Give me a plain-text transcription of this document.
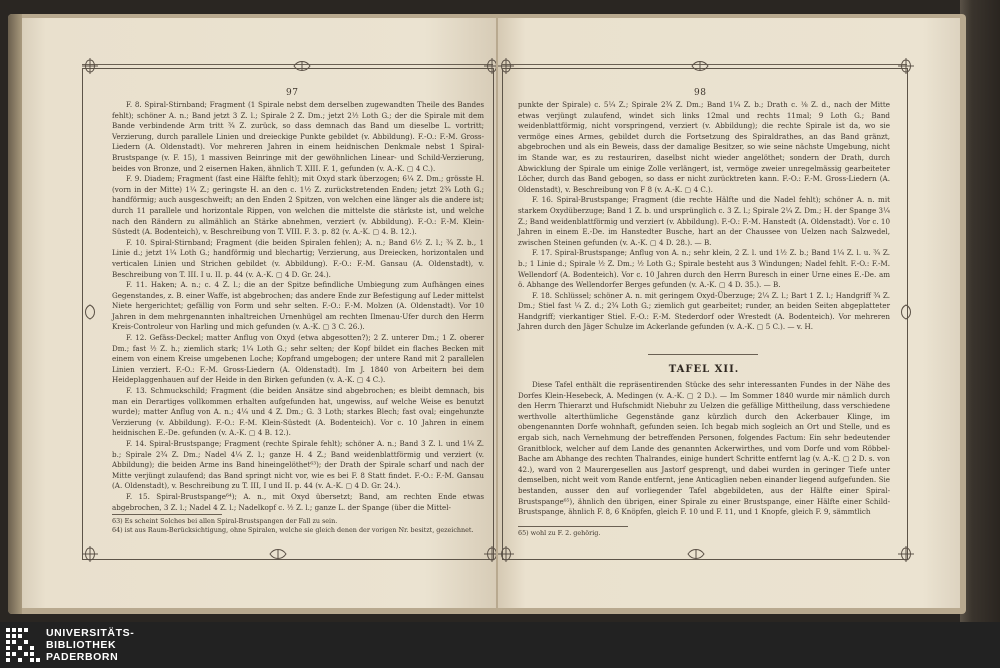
97

F. 8. Spiral-Stirnband; Fragment (1 Spirale nebst dem derselben zugewandten Theile des Bandes fehlt); schöner A. n.; Band jetzt 3 Z. l.; Spirale 2 Z. Dm.; jetzt 2½ Loth G.; der die Spirale mit dem Bande verbindende Arm tritt ¾ Z. zurück, so dass demnach das Band um dieselbe L. vortritt; Verzierung, durch parallele Linien und dreieckige Punkte gebildet (v. Abbildung). F.-O.: F.-M. Gross-Liedern (A. Oldenstadt). Vor mehreren Jahren in einem heidnischen Denkmale nebst 1 Spiral-Brustspange (v. F. 15), 1 massiven Beinringe mit der gewöhnlichen Linear- und Schild-Verzierung, beides von Bronze, und 2 eisernen Haken, ähnlich T. XIII. F. 1, gefunden (v. A.-K. ▢ 4 C.).

F. 9. Diadem; Fragment (fast eine Hälfte fehlt); mit Oxyd stark überzogen; 6¼ Z. Dm.; grösste H. (vorn in der Mitte) 1¼ Z.; geringste H. an den c. 1½ Z. zurückstretenden Enden; jetzt 2¾ Loth G.; handförmig; auch ausgeschweift; an den Enden 2 Spitzen, von welchen eine länger als die andere ist; durch 11 parallele und horizontale Rippen, von welchen die mittelste die stärkste ist, und welche nach den Rändern zu allmählich an Stärke abnehmen, verziert (v. Abbildung). F.-O.: F.-M. Klein-Süstedt (A. Bodenteich), v. Beschreibung von T. VIII. F. 3. p. 82 (v. A.-K. ▢ 4. B. 12.).

F. 10. Spiral-Stirnband; Fragment (die beiden Spiralen fehlen); A. n.; Band 6½ Z. l.; ¾ Z. b., 1 Linie d.; jetzt 1¼ Loth G.; handförmig und blechartig; Verzierung, aus Dreiecken, horizontalen und verticalen Linien und Strichen gebildet (v. Abbildung). F.-O.: F.-M. Gansau (A. Oldenstadt), v. Beschreibung von T. III. I u. II. p. 44 (v. A.-K. ▢ 4 D. Gr. 24.).

F. 11. Haken; A. n.; c. 4 Z. l.; die an der Spitze befindliche Umbiegung zum Aufhängen eines Gegenstandes, z. B. einer Waffe, ist abgebrochen; das andere Ende zur Befestigung auf Leder mittelst Niete hergerichtet; gefällig von Form und sehr selten. F.-O.: F.-M. Molzen (A. Oldenstadt). Vor 10 Jahren in dem mehrgenannten inhaltreichen Urnenhügel am rechten Ilmenau-Ufer durch den Herrn Kreis-Controleur von Harling und mich gefunden (v. A.-K. ▢ 3 C. 26.).

F. 12. Gefäss-Deckel; matter Anflug von Oxyd (etwa abgesotten?); 2 Z. unterer Dm.; 1 Z. oberer Dm.; fast ½ Z. h.; ziemlich stark; 1¼ Loth G.; sehr selten; der Kopf bildet ein flaches Becken mit einem von einem Kreise umgebenen Loche; Kopfrand umgebogen; der untere Rand mit 2 parallelen Linien verziert. F.-O.: F.-M. Gross-Liedern (A. Oldenstadt). Im J. 1840 von Arbeitern bei dem Heideplaggenhauen auf der Heide in den Birken gefunden (v. A.-K. ▢ 4 C.).

F. 13. Schmuckschild; Fragment (die beiden Ansätze sind abgebrochen; es bleibt demnach, bis man ein Derartiges vollkommen erhalten aufgefunden hat, ungewiss, auf welche Weise es benutzt wurde); matter Anflug von A. n.; 4¼ und 4 Z. Dm.; G. 3 Loth; starkes Blech; fast oval; eingehunzte Verzierung (v. Abbildung). F.-O.: F.-M. Klein-Süstedt (A. Bodenteich). Vor c. 10 Jahren in einem heidnischen E.-De. gefunden (v. A.-K. ▢ 4 B. 12.).

F. 14. Spiral-Brustspange; Fragment (rechte Spirale fehlt); schöner A. n.; Band 3 Z. l. und 1¼ Z. b.; Spirale 2¾ Z. Dm.; Nadel 4¼ Z. l.; ganze H. 4 Z.; Band weidenblattförmig und verziert (v. Abbildung); die beiden Arme ins Band hineingelöthet⁶³); der Drath der Spirale scharf und nach der Mitte verjüngt zulaufend; das Band springt nicht vor, wie es bei F. 8 Statt findet. F.-O.: F.-M. Gansau (A. Oldenstadt), v. Beschreibung zu T. III, I und II. p. 44 (v. A.-K. ▢ 4 D. Gr. 24.).

F. 15. Spiral-Brustspange⁶⁴); A. n., mit Oxyd übersetzt; Band, am rechten Ende etwas abgebrochen, 3 Z. l.; Nadel 4 Z. l.; Nadelkopf c. ½ Z. l.; ganze L. der Spange (über die Mittel-

63) Es scheint Solches bei allen Spiral-Brustspangen der Fall zu sein.
64) ist aus Raum-Berücksichtigung, ohne Spiralen, welche sie gleich denen der vorigen Nr. besitzt, gezeichnet.
98

punkte der Spirale) c. 5¼ Z.; Spirale 2¾ Z. Dm.; Band 1¼ Z. b.; Drath c. ⅛ Z. d., nach der Mitte etwas verjüngt zulaufend, windet sich links 12mal und rechts 11mal; 9 Loth G.; Band weidenblattförmig, nicht vorspringend, verziert (v. Abbildung); die rechte Spirale ist da, wo sie vermöge eines Armes, gebildet durch die Fortsetzung des Spiraldrathes, an das Band gränzt, abgebrochen und als ein Beweis, dass der damalige Besitzer, so wie seine nächste Umgebung, nicht im Stande war, es zu restauriren, daselbst nicht wieder angelöthet; sondern der Drath, durch Abwicklung der Spirale um einige Zolle verlängert, ist, vermöge zweier unregelmässig gearbeiteter Löcher, durch das Band gebogen, so dass er nicht zurücktreten kann. F.-O.: F.-M. Gross-Liedern (A. Oldenstadt), v. Beschreibung von F 8 (v. A.-K. ▢ 4 C.).

F. 16. Spiral-Brustspange; Fragment (die rechte Hälfte und die Nadel fehlt); schöner A. n. mit starkem Oxydüberzuge; Band 1 Z. b. und ursprünglich c. 3 Z. l.; Spirale 2¼ Z. Dm.; H. der Spange 3¼ Z.; Band weidenblattförmig und verziert (v. Abbildung). F.-O.: F.-M. Hanstedt (A. Oldenstadt). Vor c. 10 Jahren in einem E.-De. im Hanstedter Busche, hart an der Chaussee von Uelzen nach Salzwedel, zwischen Steinen gefunden (v. A.-K. ▢ 4 D. 28.). — B.

F. 17. Spiral-Brustspange; Anflug von A. n.; sehr klein, 2 Z. l. und 1½ Z. b.; Band 1¼ Z. l. u. ¾ Z. b.; 1 Linie d.; Spirale ½ Z. Dm.; ½ Loth G.; Spirale besteht aus 3 Windungen; Nadel fehlt. F.-O.: F.-M. Wellendorf (A. Bodenteich). Vor c. 10 Jahren durch den Herrn Buresch in einer Urne eines E.-De. am ö. Abhange des Wellendorfer Berges gefunden (v. A.-K. ▢ 4 D. 35.). — B.

F. 18. Schlüssel; schöner A. n. mit geringem Oxyd-Überzuge; 2¼ Z. l.; Bart 1 Z. l.; Handgriff ¾ Z. Dm.; Stiel fast ¼ Z. d.; 2¾ Loth G.; ziemlich gut gearbeitet; runder, an beiden Seiten abgeplatteter Handgriff; vierkantiger Stiel. F.-O.: F.-M. Stederdorf oder Wrestedt (A. Bodenteich). Vor mehreren Jahren durch den Jäger Schulze im Ackerlande gefunden (v. A.-K. ▢ 5 C.). — v. H.

TAFEL XII.

Diese Tafel enthält die repräsentirenden Stücke des sehr interessanten Fundes in der Nähe des Dorfes Klein-Hesebeck, A. Medingen (v. A.-K. ▢ 2 D.). — Im Sommer 1840 wurde mir nämlich durch den Herrn Thierarzt und Hufschmidt Niebuhr zu Uelzen die gefällige Mittheilung, dass verschiedene werthvolle alterthümliche Gegenstände ganz kürzlich durch den Ackerbauer Klinge, im obengenannten Dorfe wohnhaft, gefunden seien. Ich begab mich sogleich an Ort und Stelle, und es ergab sich, nach Vernehmung der betreffenden Personen, folgendes Factum: Ein sehr bedeutender Granitblock, welcher auf dem Lande des genannten Ackerwirthes, und vom Dorfe und vom Röbbel-Bache am Abhange des rechten Thalrandes, einige hundert Schritte entfernt lag (v. A.-K. ▢ 2 D. s. von 42.), ward von 2 Maurergesellen aus Jastorf gesprengt, und dabei wurden in geringer Tiefe unter demselben, nicht weit vom Rande entfernt, jene Anticaglien neben einander liegend aufgefunden. Sie bestanden, ausser den auf vorliegender Tafel abgebildeten, aus der Hälfte einer Spiral-Brustspange⁶⁵), ähnlich den übrigen, einer Spirale zu einer Brustspange, einer Hälfte einer Schild-Brustspange, ähnlich F. 8, 6 Knöpfen, gleich F. 10 und F. 11, und 1 Knopfe, gleich F. 9, sämmtlich

65) wohl zu F. 2. gehörig.
UNIVERSITÄTS-
BIBLIOTHEK
PADERBORN
